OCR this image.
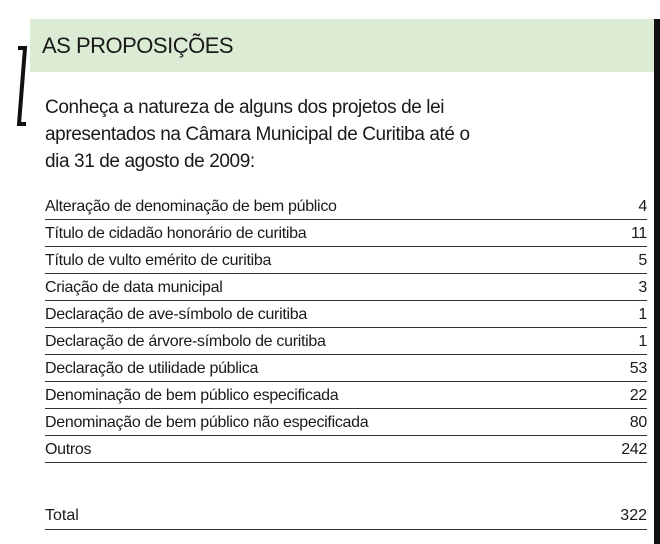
AS PROPOSIÇÕES
Conheça a natureza de alguns dos projetos de lei
apresentados na Câmara Municipal de Curitiba até o
dia 31 de agosto de 2009:
Alteração de denominação de bem público	4
Título de cidadão honorário de curitiba	11
Título de vulto emérito de curitiba	5
Criação de data municipal	3
Declaração de ave-símbolo de curitiba	1
Declaração de árvore-símbolo de curitiba	1
Declaração de utilidade pública	53
Denominação de bem público especificada	22
Denominação de bem público não especificada	80
Outros	242
Total	322
